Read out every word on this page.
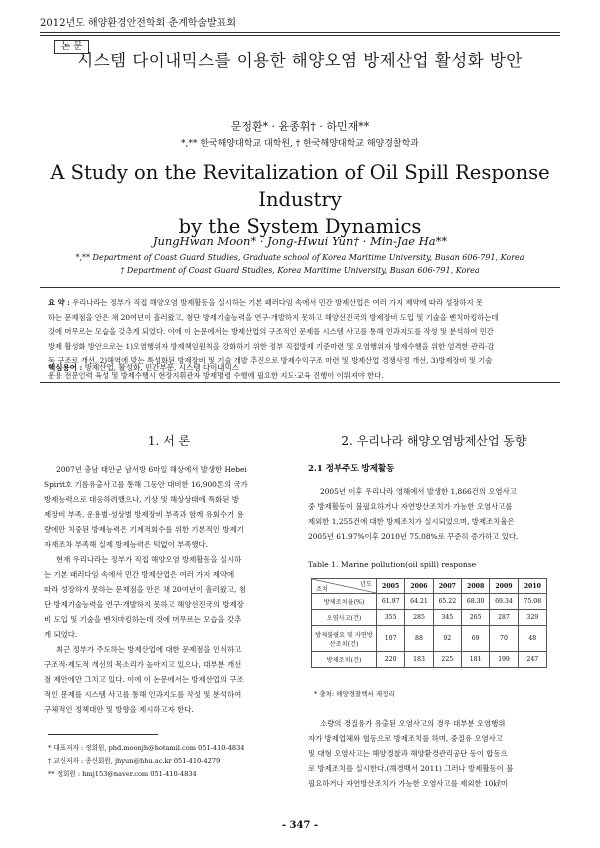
2012년도 해양환경안전학회 춘계학술발표회
논 문
시스템 다이내믹스를 이용한 해양오염 방제산업 활성화 방안
문정환* · 윤종휘† · 하민재**
*,** 한국해양대학교 대학원, † 한국해양대학교 해양경찰학과
A Study on the Revitalization of Oil Spill Response Industry
by the System Dynamics
JungHwan Moon* · Jong-Hwui Yun† · Min-Jae Ha**
*,** Department of Coast Guard Studies, Graduate school of Korea Maritime University, Busan 606-791, Korea
† Department of Coast Guard Studies, Korea Maritime University, Busan 606-791, Korea
요 약 : 우리나라는 정부가 직접 해양오염 방제활동을 실시하는 기본 패러다임 속에서 민간 방제산업은 여러 가지 제약에 따라 성장하지 못
하는 문제점을 안은 채 20여년이 흘러왔고, 첨단 방제기술능력을 연구·개발하지 못하고 해양선진국의 방제장비 도입 및 기술을 벤치마킹하는데
것에 머무르는 모습을 갖추게 되었다. 이에 이 논문에서는 방제산업의 구조적인 문제를 시스템 사고를 통해 인과지도를 작성 및 분석하여 민간
방제 활성화 방안으로는 1)오염행위자 방제책임원칙을 강화하기 위한 정부 직접방제 기준마련 및 오염행위자 방제수행을 위한 엄격한 관리·감
독 구조로 개선, 2)해역에 맞는 특성화된 방제장비 및 기술 개발 추진으로 방제수익구조 마련 및 방제산업 경쟁사정 개선, 3)방제장비 및 기술
운용 전문인력 육성 및 방제수행시 현장지휘관자 방제명령 수행에 필요한 지도·교육 진행이 이뤄져야 한다.
핵심용어 : 방제산업, 활성화, 민간부문, 시스템 다이내믹스
1. 서 론
2007년 충남 태안군 남서방 6마일 해상에서 발생한 Hebei
Spirit호 기름유출사고를 통해 그동안 대비한 16,900톤의 국가
방제능력으로 대응하려했으나, 기상 및 해상상태에 특화된 방
제장비 부족, 운용별·성상별 방제장비 부족과 함께 유회수기 용
량에만 치중된 방제능력은 기계적회수를 위한 기본적인 방제기
자재조차 부족해 실제 방제능력은 턱없이 부족했다.
현재 우리나라는 정부가 직접 해양오염 방제활동을 실시하
는 기본 패러다임 속에서 민간 방제산업은 여러 가지 제약에
따라 성장하지 못하는 문제점을 안은 채 20여년이 흘러왔고, 첨
단 방제기술능력을 연구·개발하지 못하고 해양선진국의 방제장
비 도입 및 기술을 벤치마킹하는데 것에 머무르는 모습을 갖추
게 되었다.
최근 정부가 주도하는 방제산업에 대한 문제점을 인식하고
구조적·제도적 개선의 목소리가 높아지고 있으나, 대부분 개선
점 제안에만 그치고 있다. 이에 이 논문에서는 방제산업의 구조
적인 문제를 시스템 사고를 통해 인과지도를 작성 및 분석하여
구체적인 정책대안 및 방향을 제시하고자 한다.
* 대표저자 : 정회원, phd.moonjh@hotamil.com 051-410-4834
† 교신저자 : 종신회원, jhyun@hhu.ac.kr 051-410-4279
** 정회원 : hmj153@naver.com 051-410-4834
2. 우리나라 해양오염방제산업 동향
2.1 정부주도 방제활동
2005년 이후 우리나라 영해에서 발생한 1,866건의 오염사고
중 방제활동이 불필요하거나 자연방산조치가 가능한 오염사고를
제외한 1,255건에 대한 방제조치가 실시되었으며, 방제조치율은
2005년 61.97%이후 2010년 75.08%로 꾸준히 증가하고 있다.
Table 1. Marine pollution(oil spill) response
년도
조치	2005	2006	2007	2008	2009	2010
방제조치율(%)	61.97	64.21	65.22	68.30	69.34	75.08
오염사고(건)	355	285	345	265	287	329
방제불필요 및 자연방산조치(건)	107	88	92	69	70	48
방제조치(건)	220	183	225	181	199	247
* 출처: 해양경찰백서 재정리
소량의 경질유가 유출된 오염사고의 경우 대부분 오염행위
자가 방제업체와 협동으로 방제조치를 하며, 중질유 오염사고
및 대형 오염사고는 해양경찰과 해양환경관리공단 등이 합동으
로 방제조치를 실시한다.(해경백서 2011) 그러나 방제활동이 불
필요하거나 자연방산조치가 가능한 오염사고를 제외한 10㎘미
- 347 -
